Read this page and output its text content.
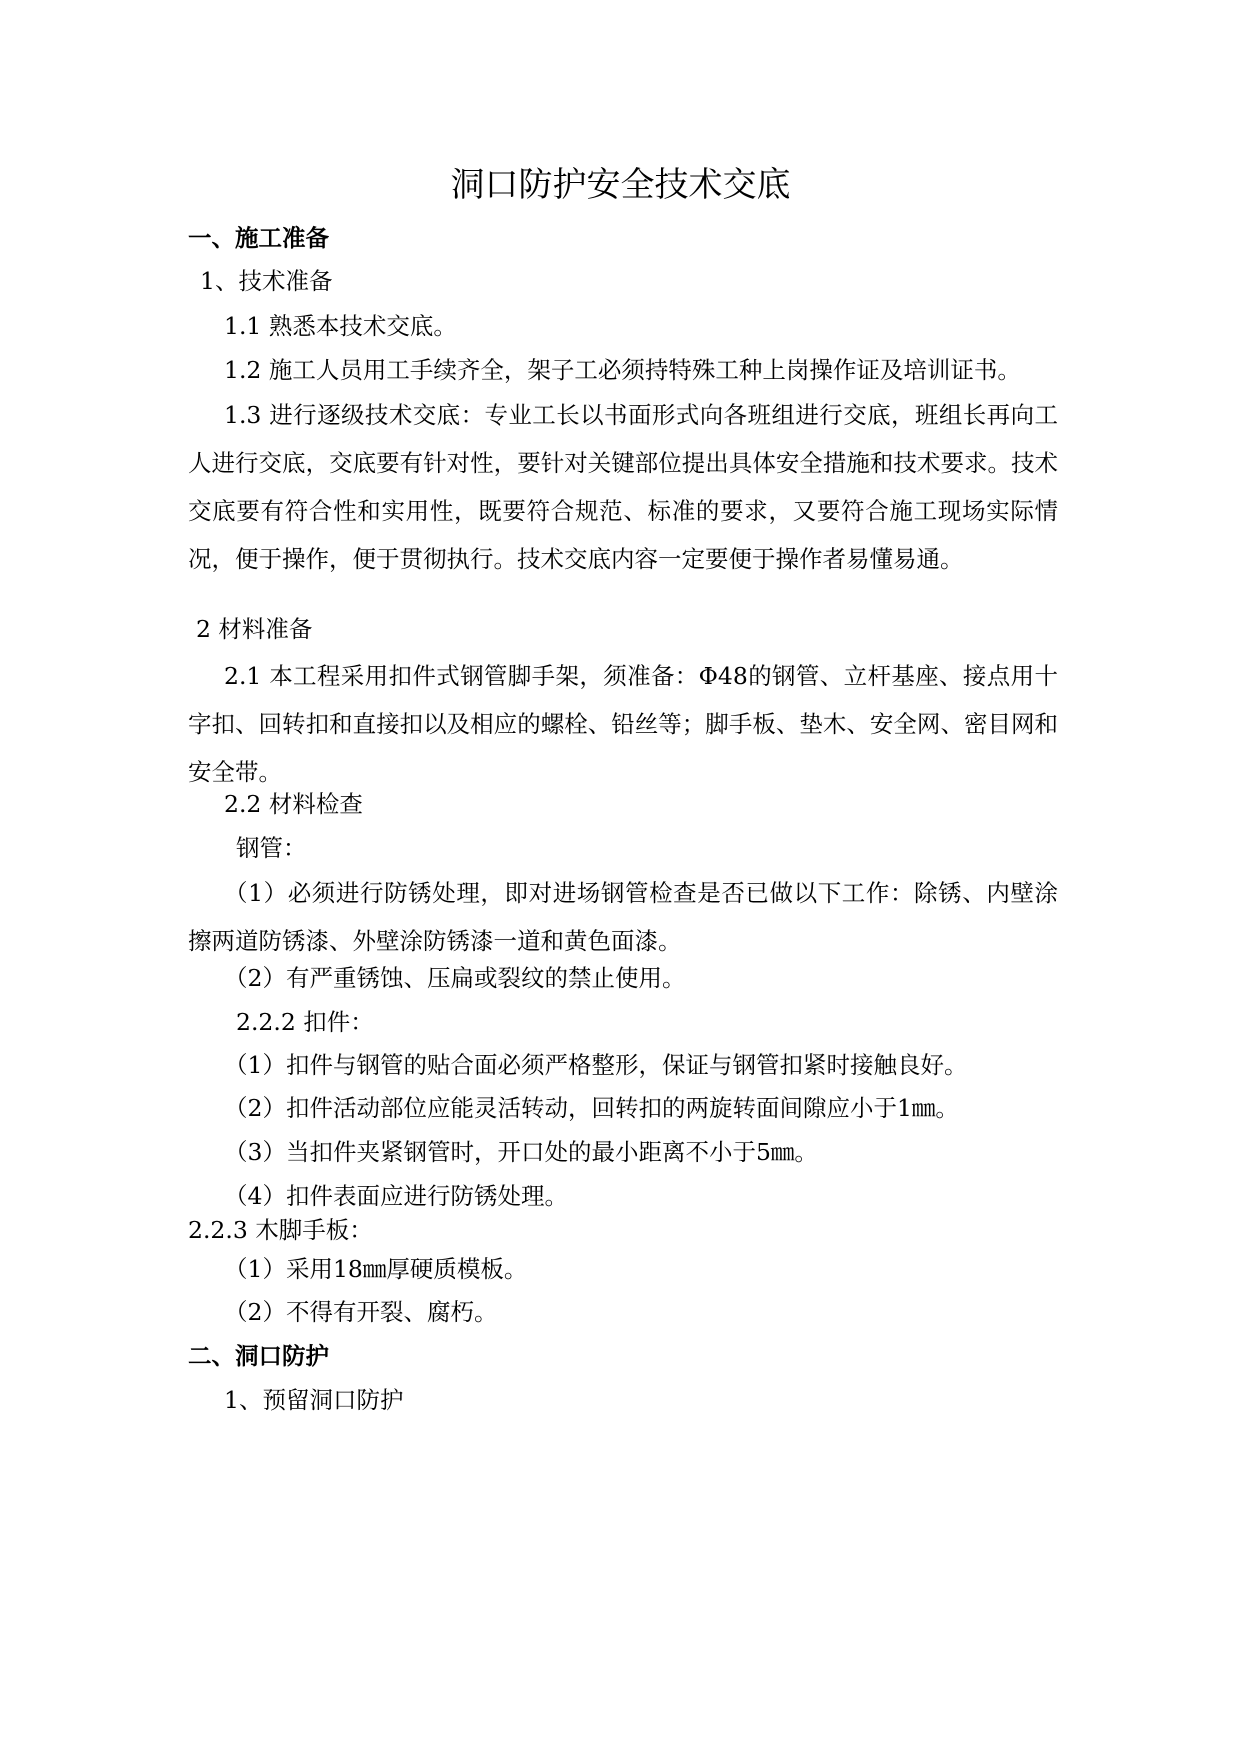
洞口防护安全技术交底
一、施工准备
1、技术准备
1.1 熟悉本技术交底。
1.2 施工人员用工手续齐全，架子工必须持特殊工种上岗操作证及培训证书。
1.3 进行逐级技术交底：专业工长以书面形式向各班组进行交底，班组长再向工人进行交底，交底要有针对性，要针对关键部位提出具体安全措施和技术要求。技术交底要有符合性和实用性，既要符合规范、标准的要求，又要符合施工现场实际情况，便于操作，便于贯彻执行。技术交底内容一定要便于操作者易懂易通。
2 材料准备
2.1 本工程采用扣件式钢管脚手架，须准备：Φ48的钢管、立杆基座、接点用十字扣、回转扣和直接扣以及相应的螺栓、铅丝等；脚手板、垫木、安全网、密目网和安全带。
2.2 材料检查
钢管：
（1）必须进行防锈处理，即对进场钢管检查是否已做以下工作：除锈、内壁涂擦两道防锈漆、外壁涂防锈漆一道和黄色面漆。
（2）有严重锈蚀、压扁或裂纹的禁止使用。
2.2.2 扣件：
（1）扣件与钢管的贴合面必须严格整形，保证与钢管扣紧时接触良好。
（2）扣件活动部位应能灵活转动，回转扣的两旋转面间隙应小于1㎜。
（3）当扣件夹紧钢管时，开口处的最小距离不小于5㎜。
（4）扣件表面应进行防锈处理。
2.2.3 木脚手板：
（1）采用18㎜厚硬质模板。
（2）不得有开裂、腐朽。
二、洞口防护
1、预留洞口防护
